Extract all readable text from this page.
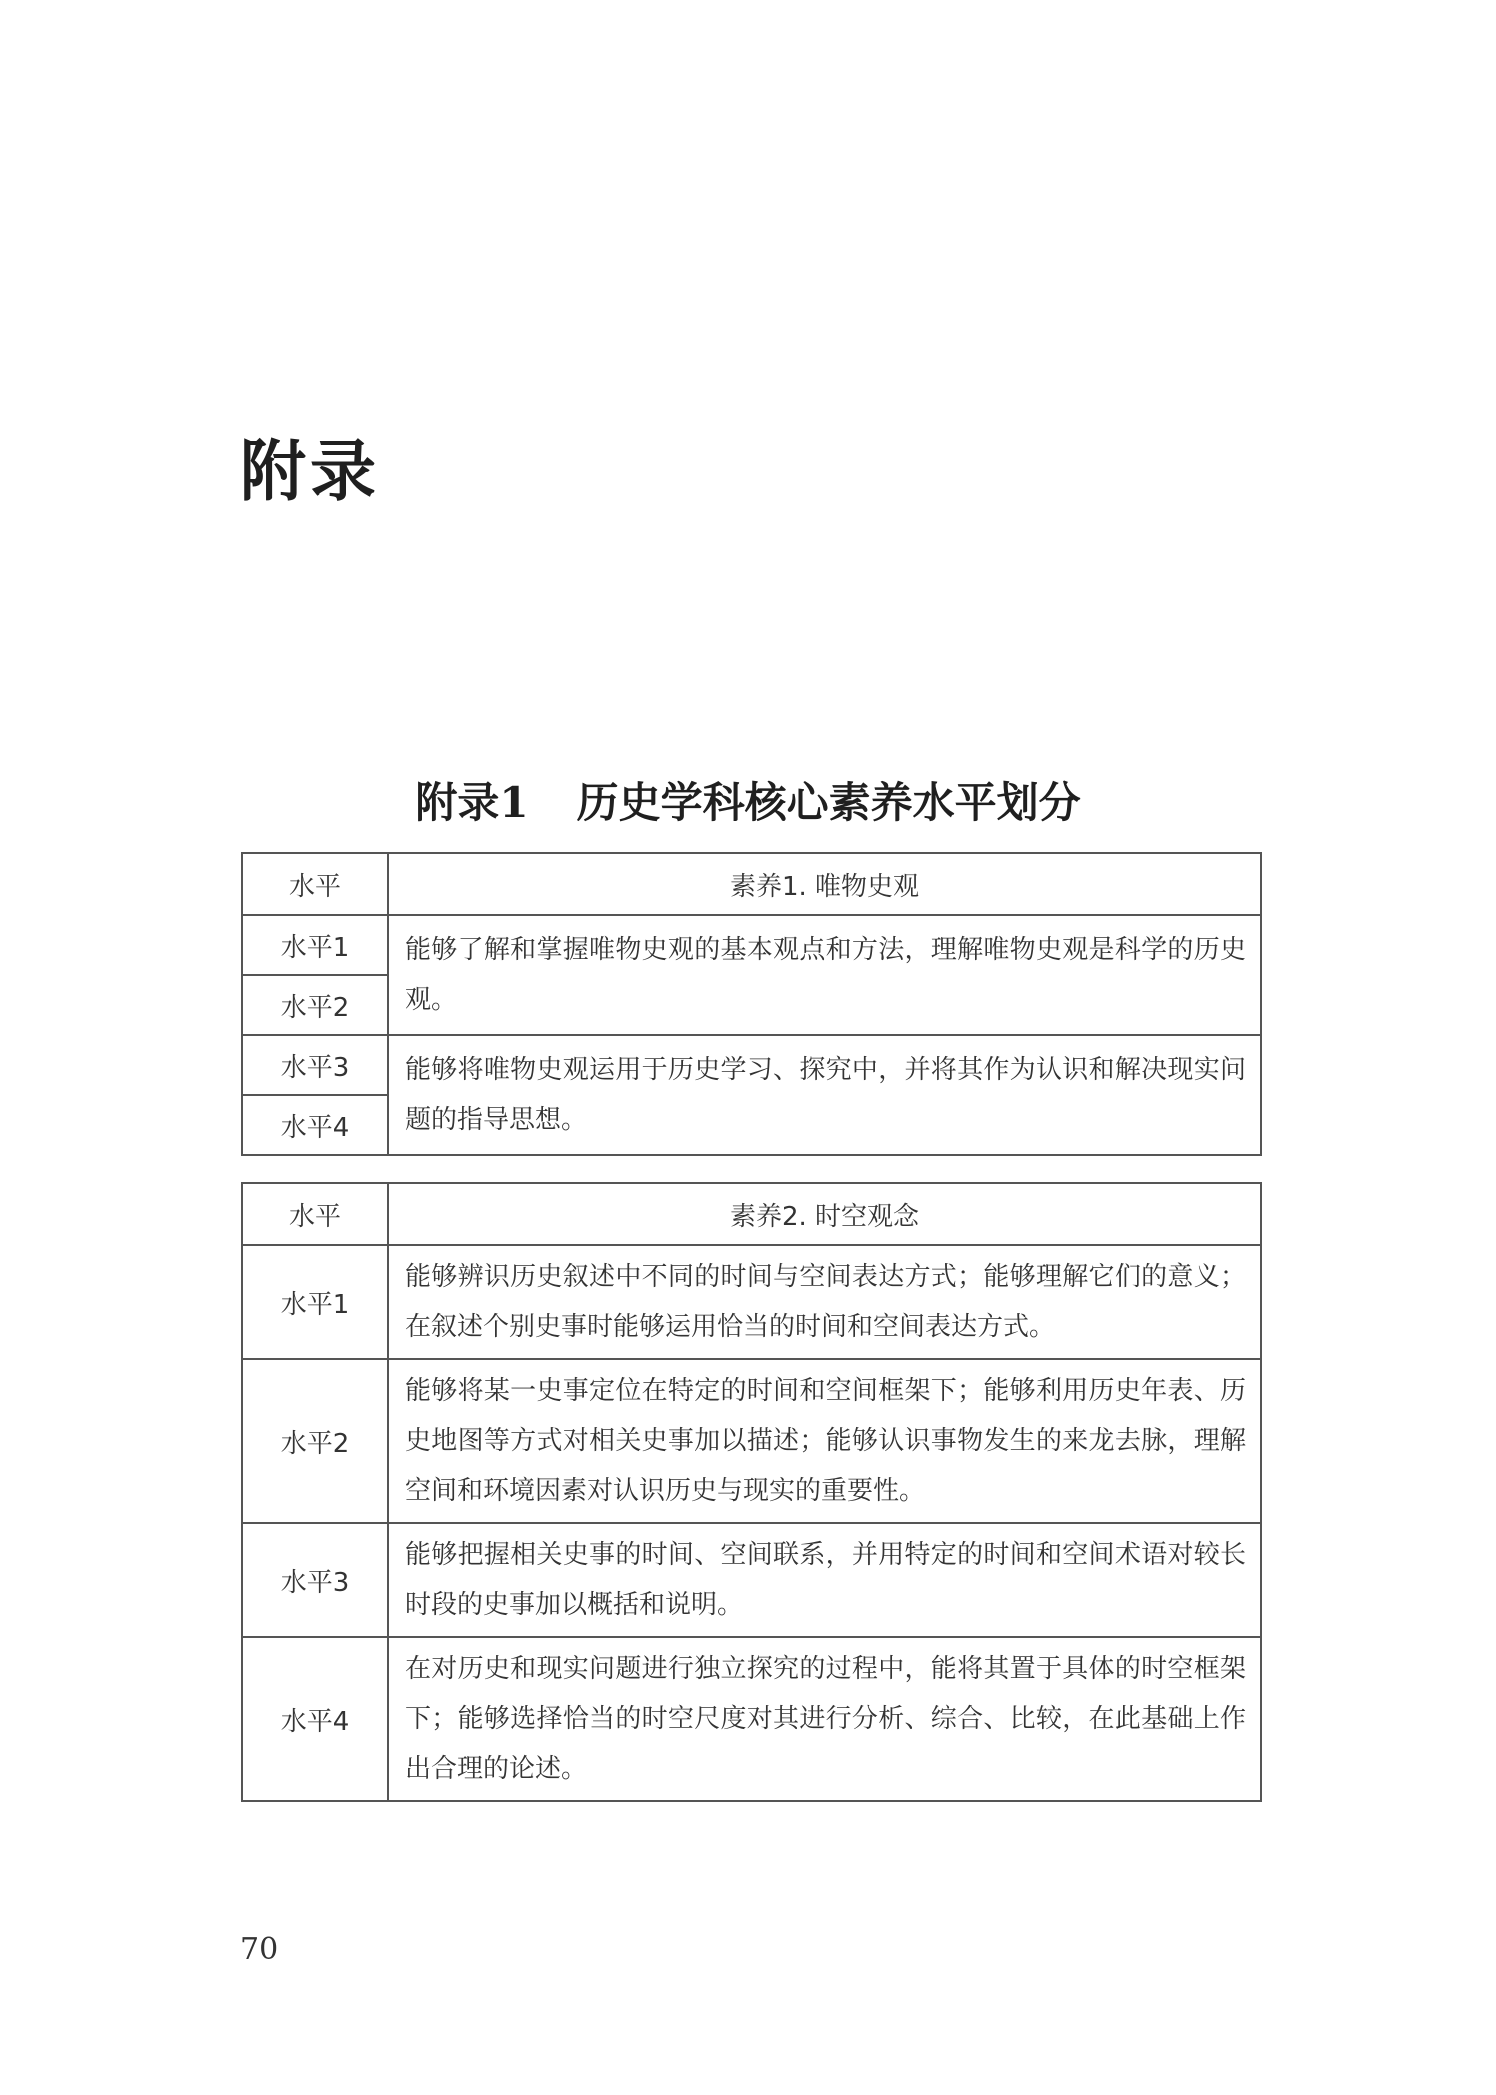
附录
附录1 历史学科核心素养水平划分
水平	素养1. 唯物史观
水平1	能够了解和掌握唯物史观的基本观点和方法，理解唯物史观是科学的历史观。
水平2	
水平3	能够将唯物史观运用于历史学习、探究中，并将其作为认识和解决现实问题的指导思想。
水平4	
水平	素养2. 时空观念
水平1	能够辨识历史叙述中不同的时间与空间表达方式；能够理解它们的意义；在叙述个别史事时能够运用恰当的时间和空间表达方式。
水平2	能够将某一史事定位在特定的时间和空间框架下；能够利用历史年表、历史地图等方式对相关史事加以描述；能够认识事物发生的来龙去脉，理解空间和环境因素对认识历史与现实的重要性。
水平3	能够把握相关史事的时间、空间联系，并用特定的时间和空间术语对较长时段的史事加以概括和说明。
水平4	在对历史和现实问题进行独立探究的过程中，能将其置于具体的时空框架下；能够选择恰当的时空尺度对其进行分析、综合、比较，在此基础上作出合理的论述。
70
